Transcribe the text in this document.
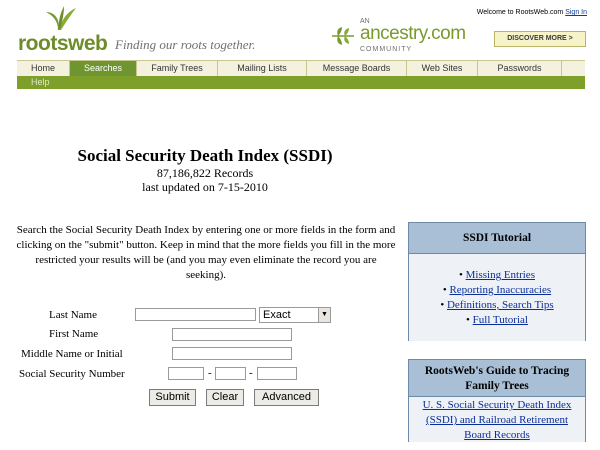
rootsweb Finding our roots together.
AN
ancestry.com
COMMUNITY
Welcome to RootsWeb.com Sign In
DISCOVER MORE >
Home	Searches	Family Trees	Mailing Lists	Message Boards	Web Sites	Passwords
Help
Social Security Death Index (SSDI)
87,186,822 Records
last updated on 7-15-2010
Search the Social Security Death Index by entering one or more fields in the form and clicking on the "submit" button. Keep in mind that the more fields you fill in the more restricted your results will be (and you may even eliminate the record you are seeking).
Last Name	Exact	▼
First Name
Middle Name or Initial
Social Security Number	-	-
Submit	Clear	Advanced
SSDI Tutorial
• Missing Entries
• Reporting Inaccuracies
• Definitions, Search Tips
• Full Tutorial
RootsWeb's Guide to Tracing Family Trees
U. S. Social Security Death Index (SSDI) and Railroad Retirement Board Records
